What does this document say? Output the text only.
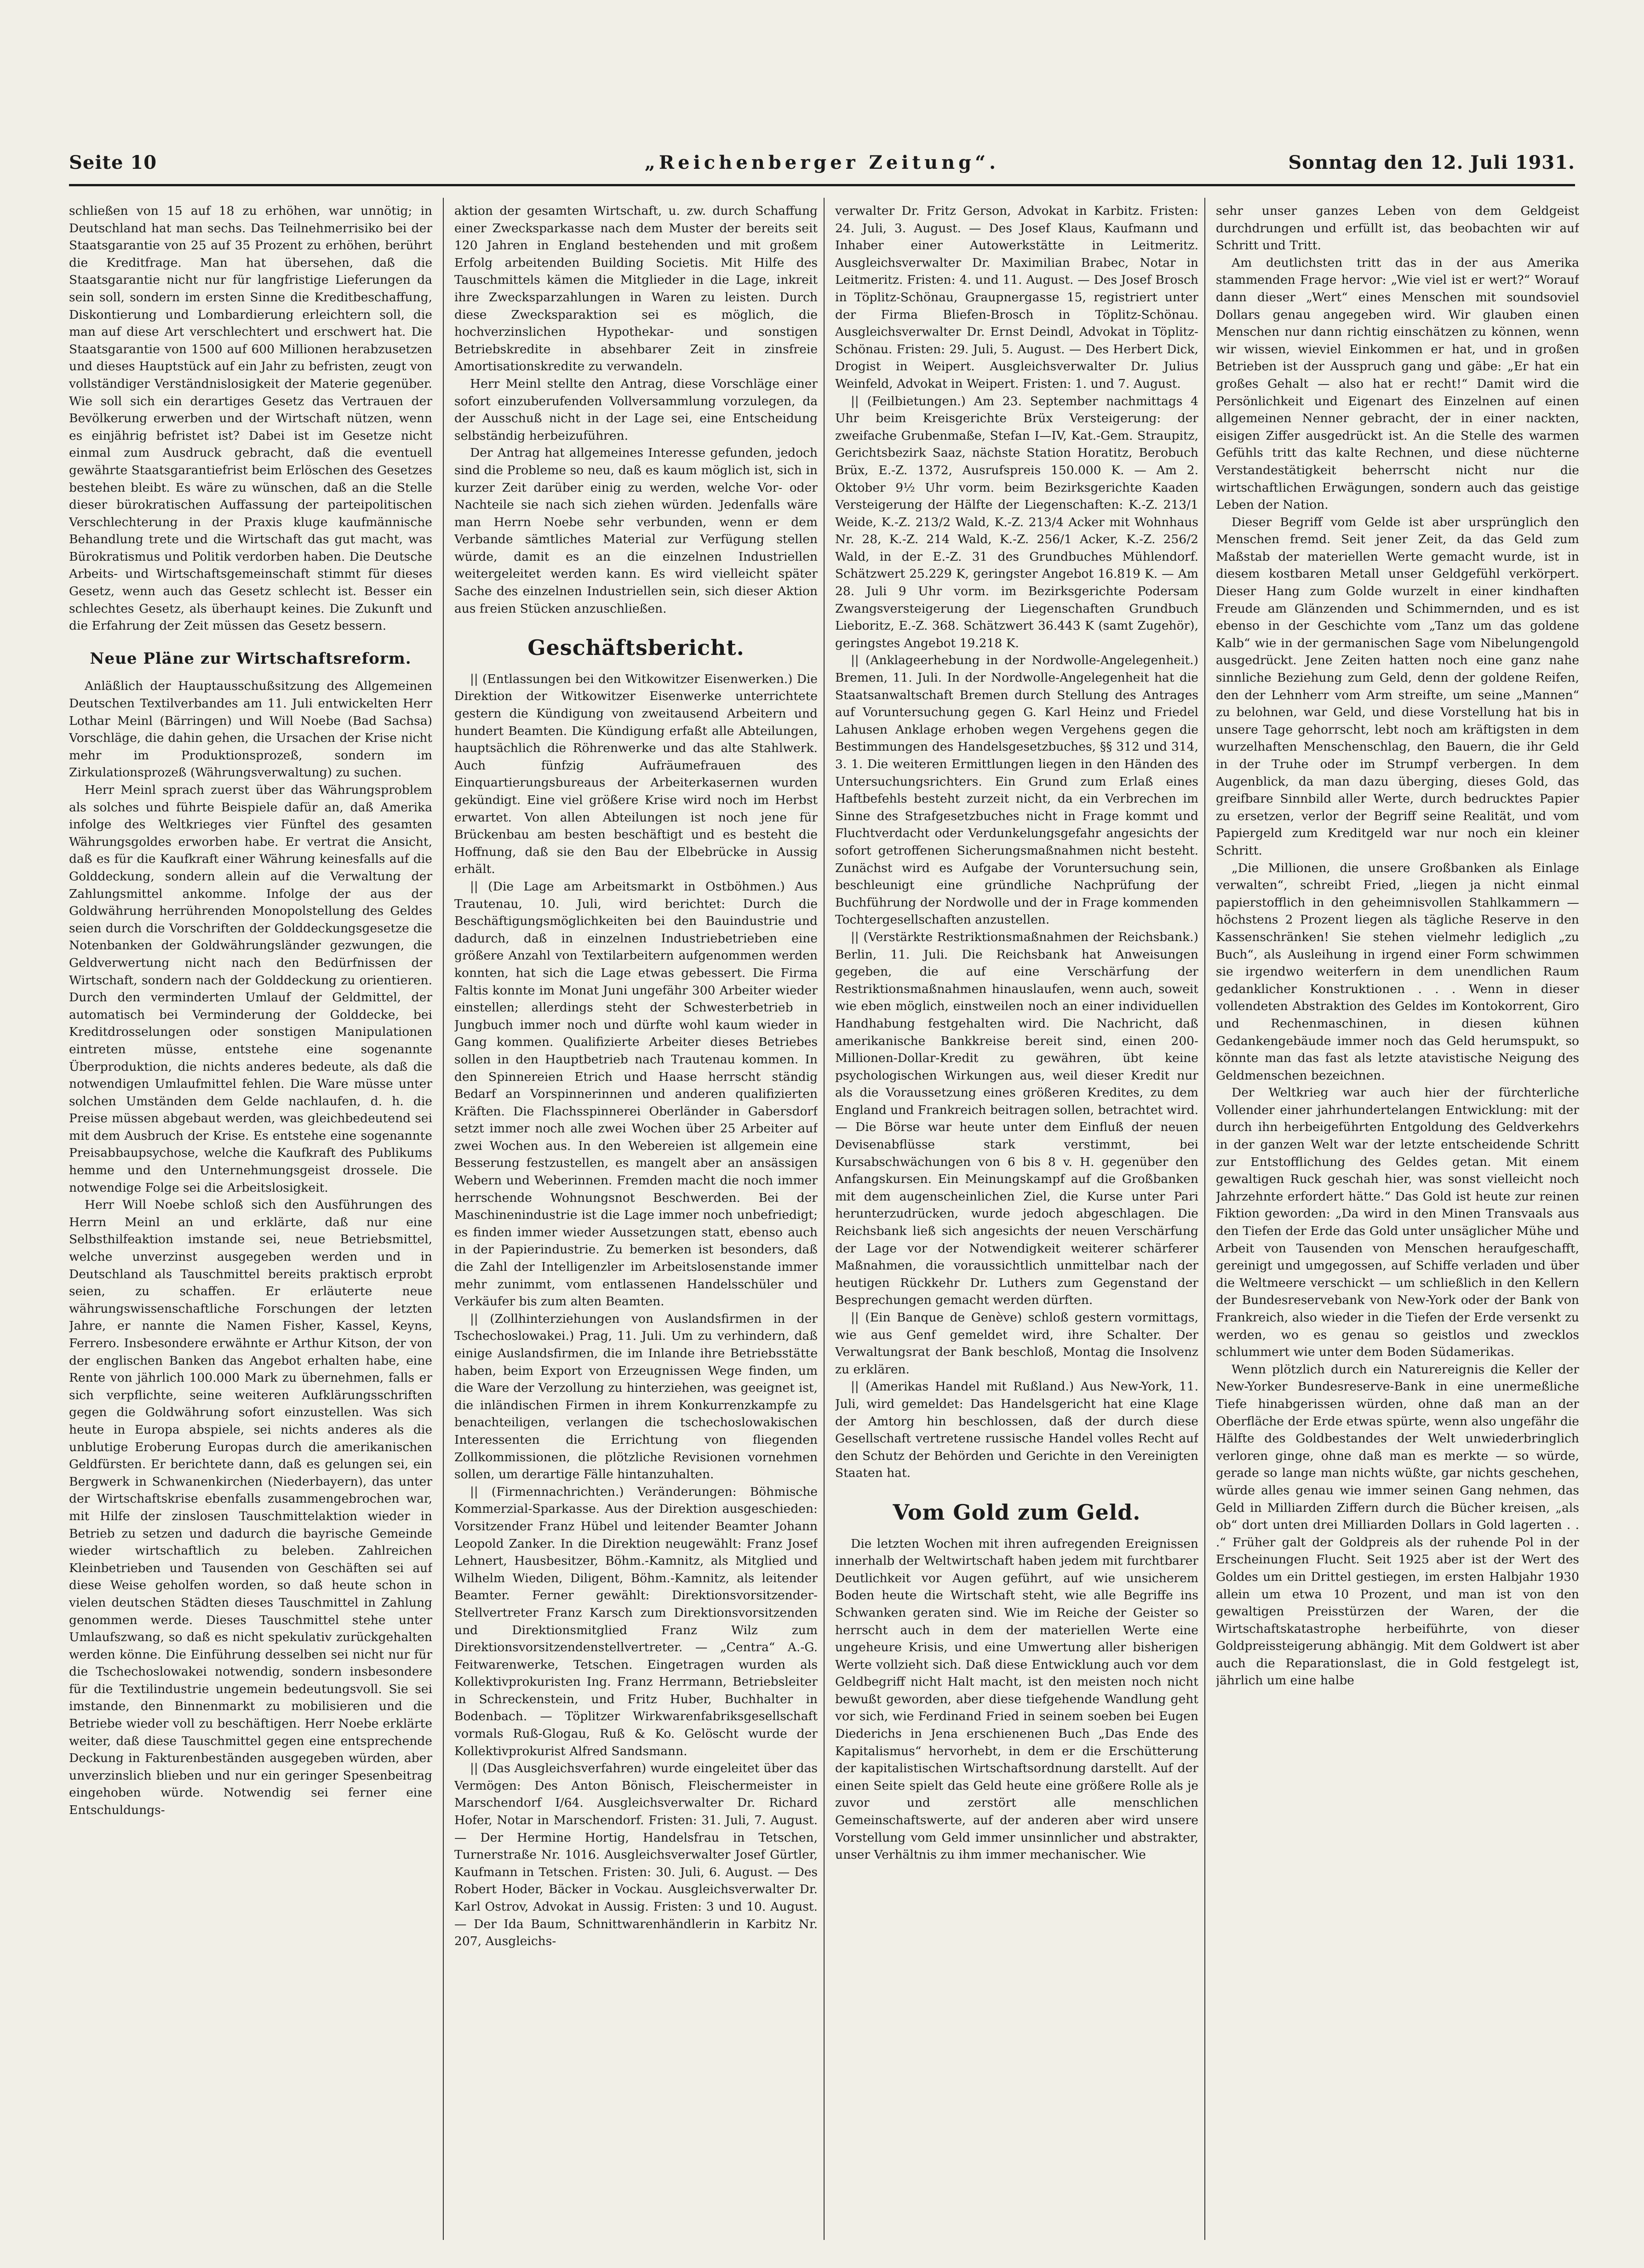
Seite 10	„Reichenberger Zeitung“.	Sonntag den 12. Juli 1931.

schließen von 15 auf 18 zu erhöhen, war unnötig; in Deutschland hat man sechs. Das Teilnehmerrisiko bei der Staatsgarantie von 25 auf 35 Prozent zu erhöhen, berührt die Kreditfrage. Man hat übersehen, daß die Staatsgarantie nicht nur für langfristige Lieferungen da sein soll, sondern im ersten Sinne die Kreditbeschaffung, Diskontierung und Lombardierung erleichtern soll, die man auf diese Art verschlechtert und erschwert hat. Die Staatsgarantie von 1500 auf 600 Millionen herabzusetzen und dieses Hauptstück auf ein Jahr zu befristen, zeugt von vollständiger Verständnislosigkeit der Materie gegenüber. Wie soll sich ein derartiges Gesetz das Vertrauen der Bevölkerung erwerben und der Wirtschaft nützen, wenn es einjährig befristet ist? Dabei ist im Gesetze nicht einmal zum Ausdruck gebracht, daß die eventuell gewährte Staatsgarantiefrist beim Erlöschen des Gesetzes bestehen bleibt. Es wäre zu wünschen, daß an die Stelle dieser bürokratischen Auffassung der parteipolitischen Verschlechterung in der Praxis kluge kaufmännische Behandlung trete und die Wirtschaft das gut macht, was Bürokratismus und Politik verdorben haben. Die Deutsche Arbeits- und Wirtschaftsgemeinschaft stimmt für dieses Gesetz, wenn auch das Gesetz schlecht ist. Besser ein schlechtes Gesetz, als überhaupt keines. Die Zukunft und die Erfahrung der Zeit müssen das Gesetz bessern.

Neue Pläne zur Wirtschaftsreform.

Anläßlich der Hauptausschußsitzung des Allgemeinen Deutschen Textilverbandes am 11. Juli entwickelten Herr Lothar Meinl (Bärringen) und Will Noebe (Bad Sachsa) Vorschläge, die dahin gehen, die Ursachen der Krise nicht mehr im Produktionsprozeß, sondern im Zirkulationsprozeß (Währungsverwaltung) zu suchen.

Herr Meinl sprach zuerst über das Währungsproblem als solches und führte Beispiele dafür an, daß Amerika infolge des Weltkrieges vier Fünftel des gesamten Währungsgoldes erworben habe. Er vertrat die Ansicht, daß es für die Kaufkraft einer Währung keinesfalls auf die Golddeckung, sondern allein auf die Verwaltung der Zahlungsmittel ankomme. Infolge der aus der Goldwährung herrührenden Monopolstellung des Geldes seien durch die Vorschriften der Golddeckungsgesetze die Notenbanken der Goldwährungsländer gezwungen, die Geldverwertung nicht nach den Bedürfnissen der Wirtschaft, sondern nach der Golddeckung zu orientieren. Durch den verminderten Umlauf der Geldmittel, der automatisch bei Verminderung der Golddecke, bei Kreditdrosselungen oder sonstigen Manipulationen eintreten müsse, entstehe eine sogenannte Überproduktion, die nichts anderes bedeute, als daß die notwendigen Umlaufmittel fehlen. Die Ware müsse unter solchen Umständen dem Gelde nachlaufen, d. h. die Preise müssen abgebaut werden, was gleichbedeutend sei mit dem Ausbruch der Krise. Es entstehe eine sogenannte Preisabbaupsychose, welche die Kaufkraft des Publikums hemme und den Unternehmungsgeist drossele. Die notwendige Folge sei die Arbeitslosigkeit.

Herr Will Noebe schloß sich den Ausführungen des Herrn Meinl an und erklärte, daß nur eine Selbsthilfeaktion imstande sei, neue Betriebsmittel, welche unverzinst ausgegeben werden und in Deutschland als Tauschmittel bereits praktisch erprobt seien, zu schaffen. Er erläuterte neue währungswissenschaftliche Forschungen der letzten Jahre, er nannte die Namen Fisher, Kassel, Keyns, Ferrero. Insbesondere erwähnte er Arthur Kitson, der von der englischen Banken das Angebot erhalten habe, eine Rente von jährlich 100.000 Mark zu übernehmen, falls er sich verpflichte, seine weiteren Aufklärungsschriften gegen die Goldwährung sofort einzustellen. Was sich heute in Europa abspiele, sei nichts anderes als die unblutige Eroberung Europas durch die amerikanischen Geldfürsten. Er berichtete dann, daß es gelungen sei, ein Bergwerk in Schwanenkirchen (Niederbayern), das unter der Wirtschaftskrise ebenfalls zusammengebrochen war, mit Hilfe der zinslosen Tauschmittelaktion wieder in Betrieb zu setzen und dadurch die bayrische Gemeinde wieder wirtschaftlich zu beleben. Zahlreichen Kleinbetrieben und Tausenden von Geschäften sei auf diese Weise geholfen worden, so daß heute schon in vielen deutschen Städten dieses Tauschmittel in Zahlung genommen werde. Dieses Tauschmittel stehe unter Umlaufszwang, so daß es nicht spekulativ zurückgehalten werden könne. Die Einführung desselben sei nicht nur für die Tschechoslowakei notwendig, sondern insbesondere für die Textilindustrie ungemein bedeutungsvoll. Sie sei imstande, den Binnenmarkt zu mobilisieren und die Betriebe wieder voll zu beschäftigen. Herr Noebe erklärte weiter, daß diese Tauschmittel gegen eine entsprechende Deckung in Fakturenbeständen ausgegeben würden, aber unverzinslich blieben und nur ein geringer Spesenbeitrag eingehoben würde. Notwendig sei ferner eine Entschuldungs-

aktion der gesamten Wirtschaft, u. zw. durch Schaffung einer Zwecksparkasse nach dem Muster der bereits seit 120 Jahren in England bestehenden und mit großem Erfolg arbeitenden Building Societis. Mit Hilfe des Tauschmittels kämen die Mitglieder in die Lage, inkreit ihre Zwecksparzahlungen in Waren zu leisten. Durch diese Zwecksparaktion sei es möglich, die hochverzinslichen Hypothekar- und sonstigen Betriebskredite in absehbarer Zeit in zinsfreie Amortisationskredite zu verwandeln.

Herr Meinl stellte den Antrag, diese Vorschläge einer sofort einzuberufenden Vollversammlung vorzulegen, da der Ausschuß nicht in der Lage sei, eine Entscheidung selbständig herbeizuführen.

Der Antrag hat allgemeines Interesse gefunden, jedoch sind die Probleme so neu, daß es kaum möglich ist, sich in kurzer Zeit darüber einig zu werden, welche Vor- oder Nachteile sie nach sich ziehen würden. Jedenfalls wäre man Herrn Noebe sehr verbunden, wenn er dem Verbande sämtliches Material zur Verfügung stellen würde, damit es an die einzelnen Industriellen weitergeleitet werden kann. Es wird vielleicht später Sache des einzelnen Industriellen sein, sich dieser Aktion aus freien Stücken anzuschließen.

Geschäftsbericht.

|| (Entlassungen bei den Witkowitzer Eisenwerken.) Die Direktion der Witkowitzer Eisenwerke unterrichtete gestern die Kündigung von zweitausend Arbeitern und hundert Beamten. Die Kündigung erfaßt alle Abteilungen, hauptsächlich die Röhrenwerke und das alte Stahlwerk. Auch fünfzig Aufräumefrauen des Einquartierungsbureaus der Arbeiterkasernen wurden gekündigt. Eine viel größere Krise wird noch im Herbst erwartet. Von allen Abteilungen ist noch jene für Brückenbau am besten beschäftigt und es besteht die Hoffnung, daß sie den Bau der Elbebrücke in Aussig erhält.

|| (Die Lage am Arbeitsmarkt in Ostböhmen.) Aus Trautenau, 10. Juli, wird berichtet: Durch die Beschäftigungsmöglichkeiten bei den Bauindustrie und dadurch, daß in einzelnen Industriebetrieben eine größere Anzahl von Textilarbeitern aufgenommen werden konnten, hat sich die Lage etwas gebessert. Die Firma Faltis konnte im Monat Juni ungefähr 300 Arbeiter wieder einstellen; allerdings steht der Schwesterbetrieb in Jungbuch immer noch und dürfte wohl kaum wieder in Gang kommen. Qualifizierte Arbeiter dieses Betriebes sollen in den Hauptbetrieb nach Trautenau kommen. In den Spinnereien Etrich und Haase herrscht ständig Bedarf an Vorspinnerinnen und anderen qualifizierten Kräften. Die Flachsspinnerei Oberländer in Gabersdorf setzt immer noch alle zwei Wochen über 25 Arbeiter auf zwei Wochen aus. In den Webereien ist allgemein eine Besserung festzustellen, es mangelt aber an ansässigen Webern und Weberinnen. Fremden macht die noch immer herrschende Wohnungsnot Beschwerden. Bei der Maschinenindustrie ist die Lage immer noch unbefriedigt; es finden immer wieder Aussetzungen statt, ebenso auch in der Papierindustrie. Zu bemerken ist besonders, daß die Zahl der Intelligenzler im Arbeitslosenstande immer mehr zunimmt, vom entlassenen Handelsschüler und Verkäufer bis zum alten Beamten.

|| (Zollhinterziehungen von Auslandsfirmen in der Tschechoslowakei.) Prag, 11. Juli. Um zu verhindern, daß einige Auslandsfirmen, die im Inlande ihre Betriebsstätte haben, beim Export von Erzeugnissen Wege finden, um die Ware der Verzollung zu hinterziehen, was geeignet ist, die inländischen Firmen in ihrem Konkurrenzkampfe zu benachteiligen, verlangen die tschechoslowakischen Interessenten die Errichtung von fliegenden Zollkommissionen, die plötzliche Revisionen vornehmen sollen, um derartige Fälle hintanzuhalten.

|| (Firmennachrichten.) Veränderungen: Böhmische Kommerzial-Sparkasse. Aus der Direktion ausgeschieden: Vorsitzender Franz Hübel und leitender Beamter Johann Leopold Zanker. In die Direktion neugewählt: Franz Josef Lehnert, Hausbesitzer, Böhm.-Kamnitz, als Mitglied und Wilhelm Wieden, Diligent, Böhm.-Kamnitz, als leitender Beamter. Ferner gewählt: Direktionsvorsitzender-Stellvertreter Franz Karsch zum Direktionsvorsitzenden und Direktionsmitglied Franz Wilz zum Direktionsvorsitzendenstellvertreter. — „Centra“ A.-G. Feitwarenwerke, Tetschen. Eingetragen wurden als Kollektivprokuristen Ing. Franz Herrmann, Betriebsleiter in Schreckenstein, und Fritz Huber, Buchhalter in Bodenbach. — Töplitzer Wirkwarenfabriksgesellschaft vormals Ruß-Glogau, Ruß & Ko. Gelöscht wurde der Kollektivprokurist Alfred Sandsmann.

|| (Das Ausgleichsverfahren) wurde eingeleitet über das Vermögen: Des Anton Bönisch, Fleischermeister in Marschendorf I/64. Ausgleichsverwalter Dr. Richard Hofer, Notar in Marschendorf. Fristen: 31. Juli, 7. August. — Der Hermine Hortig, Handelsfrau in Tetschen, Turnerstraße Nr. 1016. Ausgleichsverwalter Josef Gürtler, Kaufmann in Tetschen. Fristen: 30. Juli, 6. August. — Des Robert Hoder, Bäcker in Vockau. Ausgleichsverwalter Dr. Karl Ostrov, Advokat in Aussig. Fristen: 3 und 10. August. — Der Ida Baum, Schnittwarenhändlerin in Karbitz Nr. 207, Ausgleichs-

verwalter Dr. Fritz Gerson, Advokat in Karbitz. Fristen: 24. Juli, 3. August. — Des Josef Klaus, Kaufmann und Inhaber einer Autowerkstätte in Leitmeritz. Ausgleichsverwalter Dr. Maximilian Brabec, Notar in Leitmeritz. Fristen: 4. und 11. August. — Des Josef Brosch in Töplitz-Schönau, Graupnergasse 15, registriert unter der Firma Bliefen-Brosch in Töplitz-Schönau. Ausgleichsverwalter Dr. Ernst Deindl, Advokat in Töplitz-Schönau. Fristen: 29. Juli, 5. August. — Des Herbert Dick, Drogist in Weipert. Ausgleichsverwalter Dr. Julius Weinfeld, Advokat in Weipert. Fristen: 1. und 7. August.

|| (Feilbietungen.) Am 23. September nachmittags 4 Uhr beim Kreisgerichte Brüx Versteigerung: der zweifache Grubenmaße, Stefan I—IV, Kat.-Gem. Straupitz, Gerichtsbezirk Saaz, nächste Station Horatitz, Berobuch Brüx, E.-Z. 1372, Ausrufspreis 150.000 K. — Am 2. Oktober 9½ Uhr vorm. beim Bezirksgerichte Kaaden Versteigerung der Hälfte der Liegenschaften: K.-Z. 213/1 Weide, K.-Z. 213/2 Wald, K.-Z. 213/4 Acker mit Wohnhaus Nr. 28, K.-Z. 214 Wald, K.-Z. 256/1 Acker, K.-Z. 256/2 Wald, in der E.-Z. 31 des Grundbuches Mühlendorf. Schätzwert 25.229 K, geringster Angebot 16.819 K. — Am 28. Juli 9 Uhr vorm. im Bezirksgerichte Podersam Zwangsversteigerung der Liegenschaften Grundbuch Lieboritz, E.-Z. 368. Schätzwert 36.443 K (samt Zugehör), geringstes Angebot 19.218 K.

|| (Anklageerhebung in der Nordwolle-Angelegenheit.) Bremen, 11. Juli. In der Nordwolle-Angelegenheit hat die Staatsanwaltschaft Bremen durch Stellung des Antrages auf Voruntersuchung gegen G. Karl Heinz und Friedel Lahusen Anklage erhoben wegen Vergehens gegen die Bestimmungen des Handelsgesetzbuches, §§ 312 und 314, 3. 1. Die weiteren Ermittlungen liegen in den Händen des Untersuchungsrichters. Ein Grund zum Erlaß eines Haftbefehls besteht zurzeit nicht, da ein Verbrechen im Sinne des Strafgesetzbuches nicht in Frage kommt und Fluchtverdacht oder Verdunkelungsgefahr angesichts der sofort getroffenen Sicherungsmaßnahmen nicht besteht. Zunächst wird es Aufgabe der Voruntersuchung sein, beschleunigt eine gründliche Nachprüfung der Buchführung der Nordwolle und der in Frage kommenden Tochtergesellschaften anzustellen.

|| (Verstärkte Restriktionsmaßnahmen der Reichsbank.) Berlin, 11. Juli. Die Reichsbank hat Anweisungen gegeben, die auf eine Verschärfung der Restriktionsmaßnahmen hinauslaufen, wenn auch, soweit wie eben möglich, einstweilen noch an einer individuellen Handhabung festgehalten wird. Die Nachricht, daß amerikanische Bankkreise bereit sind, einen 200-Millionen-Dollar-Kredit zu gewähren, übt keine psychologischen Wirkungen aus, weil dieser Kredit nur als die Voraussetzung eines größeren Kredites, zu dem England und Frankreich beitragen sollen, betrachtet wird. — Die Börse war heute unter dem Einfluß der neuen Devisenabflüsse stark verstimmt, bei Kursabschwächungen von 6 bis 8 v. H. gegenüber den Anfangskursen. Ein Meinungskampf auf die Großbanken mit dem augenscheinlichen Ziel, die Kurse unter Pari herunterzudrücken, wurde jedoch abgeschlagen. Die Reichsbank ließ sich angesichts der neuen Verschärfung der Lage vor der Notwendigkeit weiterer schärferer Maßnahmen, die voraussichtlich unmittelbar nach der heutigen Rückkehr Dr. Luthers zum Gegenstand der Besprechungen gemacht werden dürften.

|| (Ein Banque de Genève) schloß gestern vormittags, wie aus Genf gemeldet wird, ihre Schalter. Der Verwaltungsrat der Bank beschloß, Montag die Insolvenz zu erklären.

|| (Amerikas Handel mit Rußland.) Aus New-York, 11. Juli, wird gemeldet: Das Handelsgericht hat eine Klage der Amtorg hin beschlossen, daß der durch diese Gesellschaft vertretene russische Handel volles Recht auf den Schutz der Behörden und Gerichte in den Vereinigten Staaten hat.

Vom Gold zum Geld.

Die letzten Wochen mit ihren aufregenden Ereignissen innerhalb der Weltwirtschaft haben jedem mit furchtbarer Deutlichkeit vor Augen geführt, auf wie unsicherem Boden heute die Wirtschaft steht, wie alle Begriffe ins Schwanken geraten sind. Wie im Reiche der Geister so herrscht auch in dem der materiellen Werte eine ungeheure Krisis, und eine Umwertung aller bisherigen Werte vollzieht sich. Daß diese Entwicklung auch vor dem Geldbegriff nicht Halt macht, ist den meisten noch nicht bewußt geworden, aber diese tiefgehende Wandlung geht vor sich, wie Ferdinand Fried in seinem soeben bei Eugen Diederichs in Jena erschienenen Buch „Das Ende des Kapitalismus“ hervorhebt, in dem er die Erschütterung der kapitalistischen Wirtschaftsordnung darstellt. Auf der einen Seite spielt das Geld heute eine größere Rolle als je zuvor und zerstört alle menschlichen Gemeinschaftswerte, auf der anderen aber wird unsere Vorstellung vom Geld immer unsinnlicher und abstrakter, unser Verhältnis zu ihm immer mechanischer. Wie

sehr unser ganzes Leben von dem Geldgeist durchdrungen und erfüllt ist, das beobachten wir auf Schritt und Tritt.

Am deutlichsten tritt das in der aus Amerika stammenden Frage hervor: „Wie viel ist er wert?“ Worauf dann dieser „Wert“ eines Menschen mit soundsoviel Dollars genau angegeben wird. Wir glauben einen Menschen nur dann richtig einschätzen zu können, wenn wir wissen, wieviel Einkommen er hat, und in großen Betrieben ist der Ausspruch gang und gäbe: „Er hat ein großes Gehalt — also hat er recht!“ Damit wird die Persönlichkeit und Eigenart des Einzelnen auf einen allgemeinen Nenner gebracht, der in einer nackten, eisigen Ziffer ausgedrückt ist. An die Stelle des warmen Gefühls tritt das kalte Rechnen, und diese nüchterne Verstandestätigkeit beherrscht nicht nur die wirtschaftlichen Erwägungen, sondern auch das geistige Leben der Nation.

Dieser Begriff vom Gelde ist aber ursprünglich den Menschen fremd. Seit jener Zeit, da das Geld zum Maßstab der materiellen Werte gemacht wurde, ist in diesem kostbaren Metall unser Geldgefühl verkörpert. Dieser Hang zum Golde wurzelt in einer kindhaften Freude am Glänzenden und Schimmernden, und es ist ebenso in der Geschichte vom „Tanz um das goldene Kalb“ wie in der germanischen Sage vom Nibelungengold ausgedrückt. Jene Zeiten hatten noch eine ganz nahe sinnliche Beziehung zum Geld, denn der goldene Reifen, den der Lehnherr vom Arm streifte, um seine „Mannen“ zu belohnen, war Geld, und diese Vorstellung hat bis in unsere Tage gehorrscht, lebt noch am kräftigsten in dem wurzelhaften Menschenschlag, den Bauern, die ihr Geld in der Truhe oder im Strumpf verbergen. In dem Augenblick, da man dazu überging, dieses Gold, das greifbare Sinnbild aller Werte, durch bedrucktes Papier zu ersetzen, verlor der Begriff seine Realität, und vom Papiergeld zum Kreditgeld war nur noch ein kleiner Schritt.

„Die Millionen, die unsere Großbanken als Einlage verwalten“, schreibt Fried, „liegen ja nicht einmal papierstofflich in den geheimnisvollen Stahlkammern — höchstens 2 Prozent liegen als tägliche Reserve in den Kassenschränken! Sie stehen vielmehr lediglich „zu Buch“, als Ausleihung in irgend einer Form schwimmen sie irgendwo weiterfern in dem unendlichen Raum gedanklicher Konstruktionen . . . Wenn in dieser vollendeten Abstraktion des Geldes im Kontokorrent, Giro und Rechenmaschinen, in diesen kühnen Gedankengebäude immer noch das Geld herumspukt, so könnte man das fast als letzte atavistische Neigung des Geldmenschen bezeichnen.

Der Weltkrieg war auch hier der fürchterliche Vollender einer jahrhundertelangen Entwicklung: mit der durch ihn herbeigeführten Entgoldung des Geldverkehrs in der ganzen Welt war der letzte entscheidende Schritt zur Entstofflichung des Geldes getan. Mit einem gewaltigen Ruck geschah hier, was sonst vielleicht noch Jahrzehnte erfordert hätte.“ Das Gold ist heute zur reinen Fiktion geworden: „Da wird in den Minen Transvaals aus den Tiefen der Erde das Gold unter unsäglicher Mühe und Arbeit von Tausenden von Menschen heraufgeschafft, gereinigt und umgegossen, auf Schiffe verladen und über die Weltmeere verschickt — um schließlich in den Kellern der Bundesreservebank von New-York oder der Bank von Frankreich, also wieder in die Tiefen der Erde versenkt zu werden, wo es genau so geistlos und zwecklos schlummert wie unter dem Boden Südamerikas.

Wenn plötzlich durch ein Naturereignis die Keller der New-Yorker Bundesreserve-Bank in eine unermeßliche Tiefe hinabgerissen würden, ohne daß man an der Oberfläche der Erde etwas spürte, wenn also ungefähr die Hälfte des Goldbestandes der Welt unwiederbringlich verloren ginge, ohne daß man es merkte — so würde, gerade so lange man nichts wüßte, gar nichts geschehen, würde alles genau wie immer seinen Gang nehmen, das Geld in Milliarden Ziffern durch die Bücher kreisen, „als ob“ dort unten drei Milliarden Dollars in Gold lagerten . . .“ Früher galt der Goldpreis als der ruhende Pol in der Erscheinungen Flucht. Seit 1925 aber ist der Wert des Goldes um ein Drittel gestiegen, im ersten Halbjahr 1930 allein um etwa 10 Prozent, und man ist von den gewaltigen Preisstürzen der Waren, der die Wirtschaftskatastrophe herbeiführte, von dieser Goldpreissteigerung abhängig. Mit dem Goldwert ist aber auch die Reparationslast, die in Gold festgelegt ist, jährlich um eine halbe
